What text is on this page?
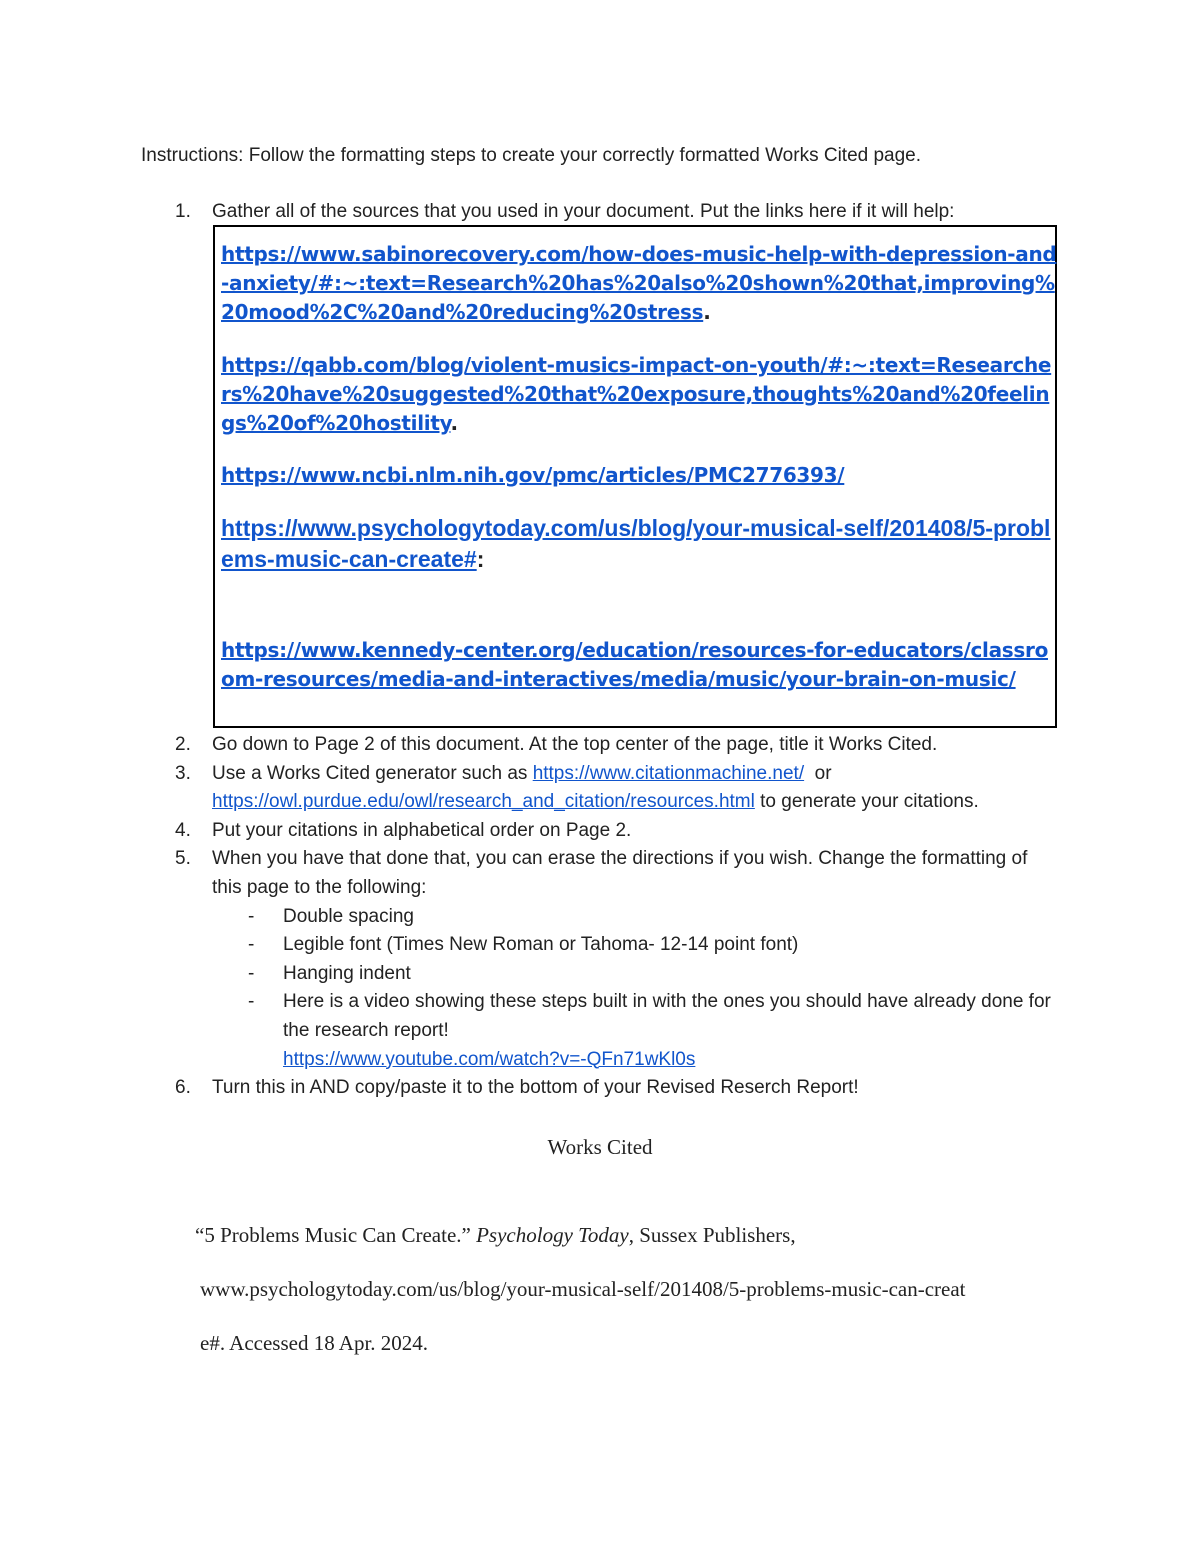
Instructions: Follow the formatting steps to create your correctly formatted Works Cited page.
1. Gather all of the sources that you used in your document. Put the links here if it will help:
https://www.sabinorecovery.com/how-does-music-help-with-depression-and-anxiety/#:~:text=Research%20has%20also%20shown%20that,improving%20mood%2C%20and%20reducing%20stress.
https://qabb.com/blog/violent-musics-impact-on-youth/#:~:text=Researchers%20have%20suggested%20that%20exposure,thoughts%20and%20feelings%20of%20hostility.
https://www.ncbi.nlm.nih.gov/pmc/articles/PMC2776393/
https://www.psychologytoday.com/us/blog/your-musical-self/201408/5-problems-music-can-create#:
https://www.kennedy-center.org/education/resources-for-educators/classroom-resources/media-and-interactives/media/music/your-brain-on-music/
2. Go down to Page 2 of this document. At the top center of the page, title it Works Cited.
3. Use a Works Cited generator such as https://www.citationmachine.net/  or
https://owl.purdue.edu/owl/research_and_citation/resources.html to generate your citations.
4. Put your citations in alphabetical order on Page 2.
5. When you have that done that, you can erase the directions if you wish. Change the formatting of this page to the following:
- Double spacing
- Legible font (Times New Roman or Tahoma- 12-14 point font)
- Hanging indent
- Here is a video showing these steps built in with the ones you should have already done for the research report!
https://www.youtube.com/watch?v=-QFn71wKl0s
6. Turn this in AND copy/paste it to the bottom of your Revised Reserch Report!
Works Cited
“5 Problems Music Can Create.” Psychology Today, Sussex Publishers,
www.psychologytoday.com/us/blog/your-musical-self/201408/5-problems-music-can-creat
e#. Accessed 18 Apr. 2024.
